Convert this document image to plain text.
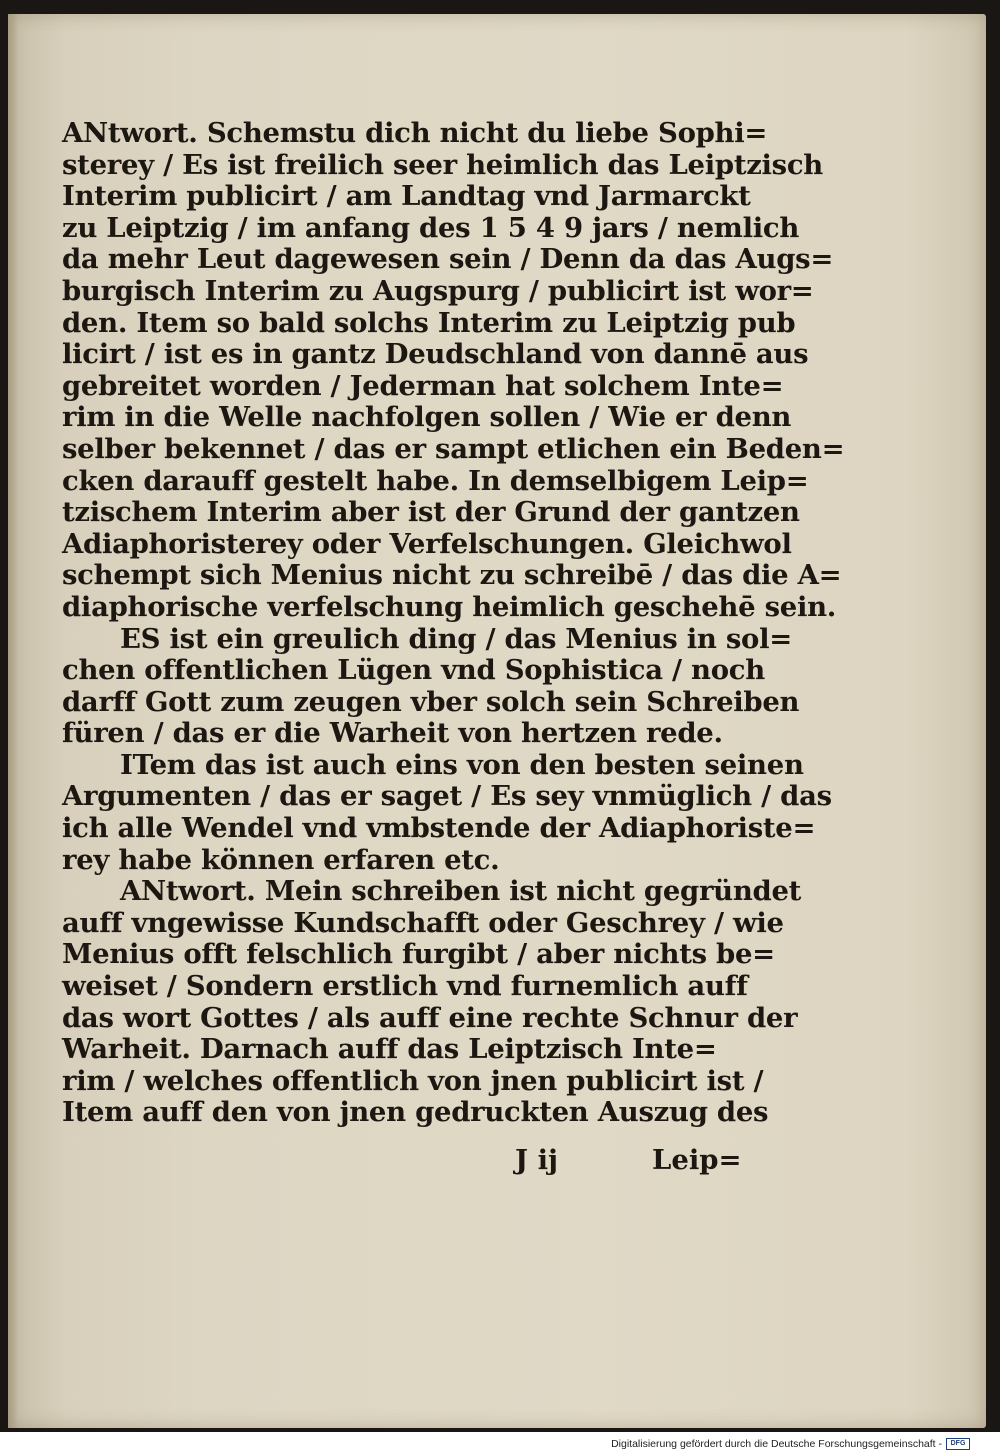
ANtwort. Schemstu dich nicht du liebe Sophi=
sterey / Es ist freilich seer heimlich das Leiptzisch
Interim publicirt / am Landtag vnd Jarmarckt
zu Leiptzig / im anfang des 1 5 4 9 jars / nemlich
da mehr Leut dagewesen sein / Denn da das Augs=
burgisch Interim zu Augspurg / publicirt ist wor=
den. Item so bald solchs Interim zu Leiptzig pub
licirt / ist es in gantz Deudschland von dannē aus
gebreitet worden / Jederman hat solchem Inte=
rim in die Welle nachfolgen sollen / Wie er denn
selber bekennet / das er sampt etlichen ein Beden=
cken darauff gestelt habe. In demselbigem Leip=
tzischem Interim aber ist der Grund der gantzen
Adiaphoristerey oder Verfelschungen. Gleichwol
schempt sich Menius nicht zu schreibē / das die A=
diaphorische verfelschung heimlich geschehē sein.
ES ist ein greulich ding / das Menius in sol=
chen offentlichen Lügen vnd Sophistica / noch
darff Gott zum zeugen vber solch sein Schreiben
füren / das er die Warheit von hertzen rede.
ITem das ist auch eins von den besten seinen
Argumenten / das er saget / Es sey vnmüglich / das
ich alle Wendel vnd vmbstende der Adiaphoriste=
rey habe können erfaren etc.
ANtwort. Mein schreiben ist nicht gegründet
auff vngewisse Kundschafft oder Geschrey / wie
Menius offt felschlich furgibt / aber nichts be=
weiset / Sondern erstlich vnd furnemlich auff
das wort Gottes / als auff eine rechte Schnur der
Warheit. Darnach auff das Leiptzisch Inte=
rim / welches offentlich von jnen publicirt ist /
Item auff den von jnen gedruckten Auszug des
J ij	Leip=
Digitalisierung gefördert durch die Deutsche Forschungsgemeinschaft -	DFG
